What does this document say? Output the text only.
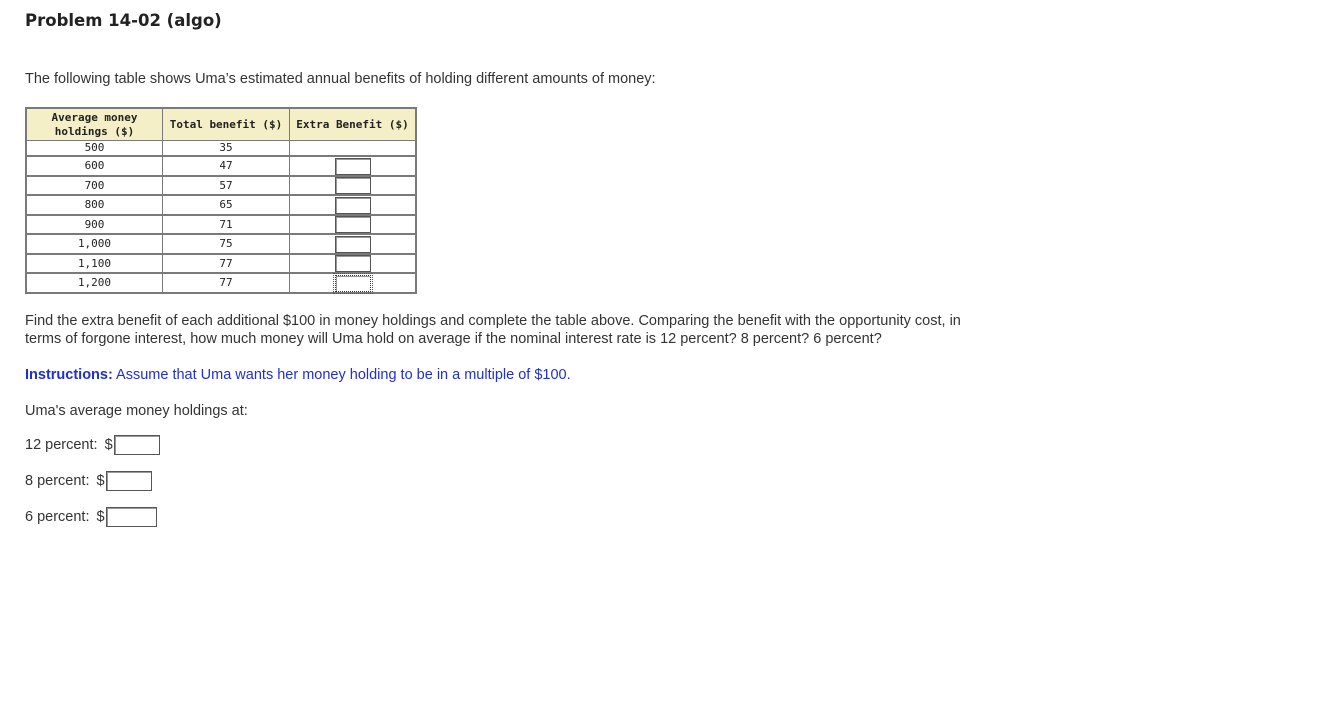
Problem 14-02 (algo)
The following table shows Uma’s estimated annual benefits of holding different amounts of money:
Average money
holdings ($)	Total benefit ($)	Extra Benefit ($)
500	35	
600	47	
700	57	
800	65	
900	71	
1,000	75	
1,100	77	
1,200	77	
Find the extra benefit of each additional $100 in money holdings and complete the table above. Comparing the benefit with the opportunity cost, in terms of forgone interest, how much money will Uma hold on average if the nominal interest rate is 12 percent? 8 percent? 6 percent?
Instructions: Assume that Uma wants her money holding to be in a multiple of $100.
Uma's average money holdings at:
12 percent: $
8 percent: $
6 percent: $
